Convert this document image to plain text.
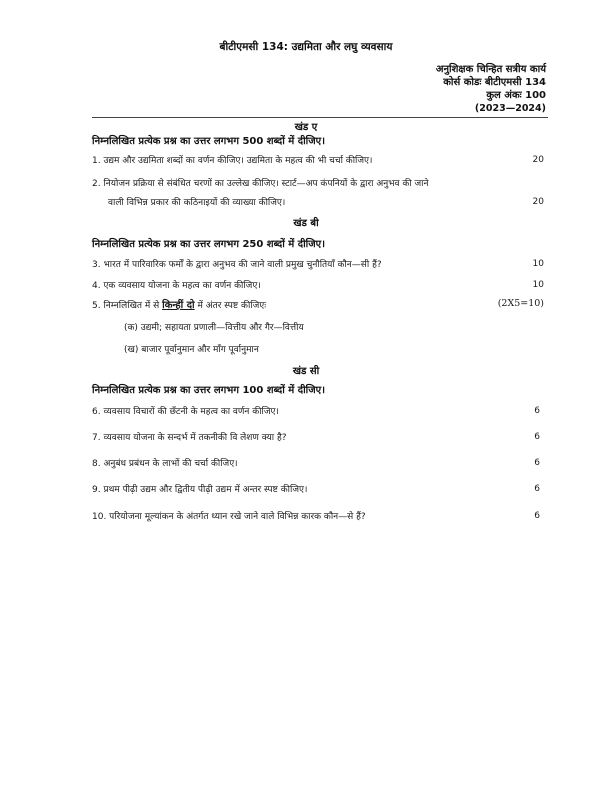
बीटीएमसी 134: उद्यमिता और लघु व्यवसाय
अनुशिक्षक चिन्हित सत्रीय कार्य
कोर्स कोडः बीटीएमसी 134
कुल अंकः 100
(2023—2024)
खंड ए
निम्नलिखित प्रत्येक प्रश्न का उत्तर लगभग 500 शब्दों में दीजिए।
1. उद्यम और उद्यमिता शब्दों का वर्णन कीजिए। उद्यमिता के महत्व की भी चर्चा कीजिए।	20
2. नियोजन प्रक्रिया से संबंधित चरणों का उल्लेख कीजिए। स्टार्ट—अप कंपनियों के द्वारा अनुभव की जाने
वाली विभिन्न प्रकार की कठिनाइयों की व्याख्या कीजिए।	20
खंड बी
निम्नलिखित प्रत्येक प्रश्न का उत्तर लगभग 250 शब्दों में दीजिए।
3. भारत में पारिवारिक फर्मों के द्वारा अनुभव की जाने वाली प्रमुख चुनौतियाँ कौन—सी हैं?	10
4. एक व्यवसाय योजना के महत्व का वर्णन कीजिए।	10
5. निम्नलिखित में से किन्हीं दो में अंतर स्पष्ट कीजिएः	(2X5=10)
(क) उद्यमी; सहायता प्रणाली—वित्तीय और गैर—वित्तीय
(ख) बाजार पूर्वानुमान और माँग पूर्वानुमान
खंड सी
निम्नलिखित प्रत्येक प्रश्न का उत्तर लगभग 100 शब्दों में दीजिए।
6. व्यवसाय विचारों की छँटनी के महत्व का वर्णन कीजिए।	6
7. व्यवसाय योजना के सन्दर्भ में तकनीकी वि लेशण क्या है?	6
8. अनुबंध प्रबंधन के लाभों की चर्चा कीजिए।	6
9. प्रथम पीढ़ी उद्यम और द्वितीय पीढ़ी उद्यम में अन्तर स्पष्ट कीजिए।	6
10. परियोजना मूल्यांकन के अंतर्गत ध्यान रखे जाने वाले विभिन्न कारक कौन—से हैं?	6
